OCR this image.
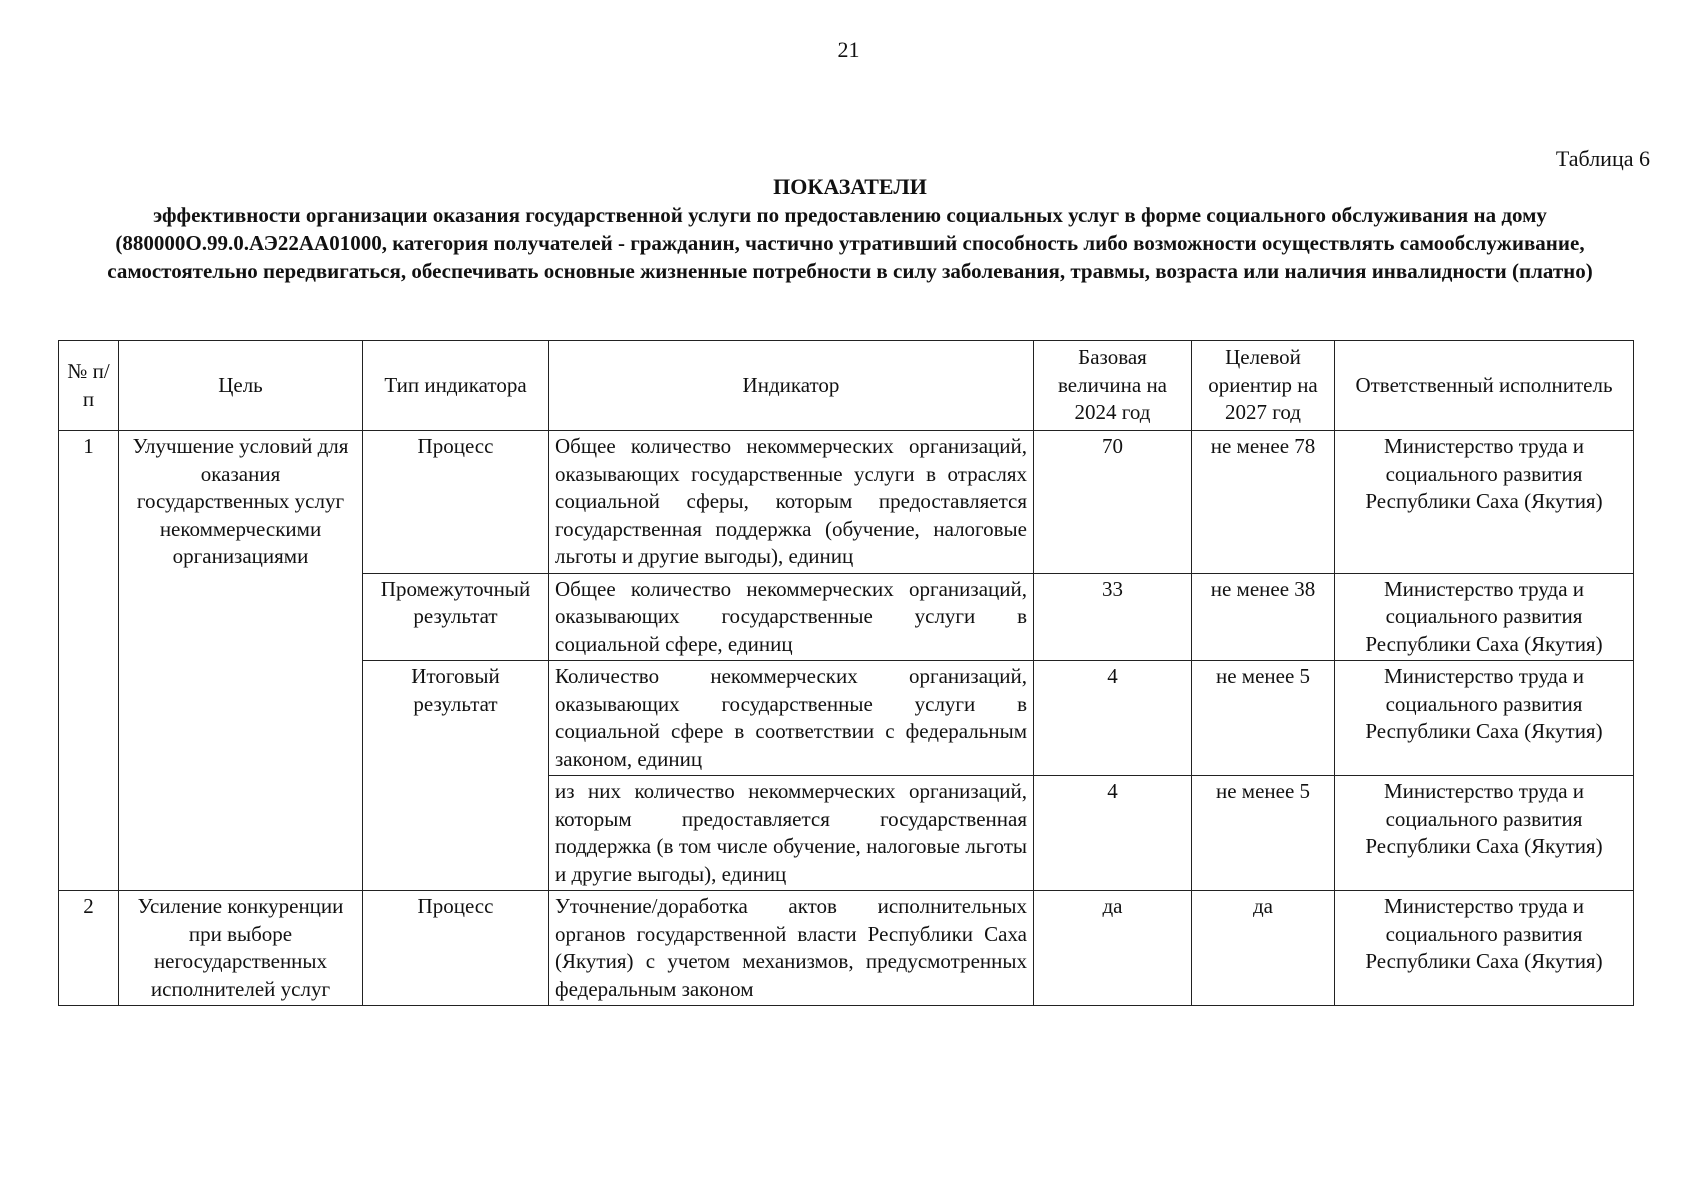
21
Таблица 6
ПОКАЗАТЕЛИ
эффективности организации оказания государственной услуги по предоставлению социальных услуг в форме социального обслуживания на дому (880000О.99.0.АЭ22АА01000, категория получателей - гражданин, частично утративший способность либо возможности осуществлять самообслуживание, самостоятельно передвигаться, обеспечивать основные жизненные потребности в силу заболевания, травмы, возраста или наличия инвалидности (платно)
№ п/п	Цель	Тип индикатора	Индикатор	Базовая величина на 2024 год	Целевой ориентир на 2027 год	Ответственный исполнитель
1	Улучшение условий для оказания государственных услуг некоммерческими организациями	Процесс	Общее количество некоммерческих организаций, оказывающих государственные услуги в отраслях социальной сферы, которым предоставляется государственная поддержка (обучение, налоговые льготы и другие выгоды), единиц	70	не менее 78	Министерство труда и социального развития Республики Саха (Якутия)
		Промежуточный результат	Общее количество некоммерческих организаций, оказывающих государственные услуги в социальной сфере, единиц	33	не менее 38	Министерство труда и социального развития Республики Саха (Якутия)
		Итоговый результат	Количество некоммерческих организаций, оказывающих государственные услуги в социальной сфере в соответствии с федеральным законом, единиц	4	не менее 5	Министерство труда и социального развития Республики Саха (Якутия)
			из них количество некоммерческих организаций, которым предоставляется государственная поддержка (в том числе обучение, налоговые льготы и другие выгоды), единиц	4	не менее 5	Министерство труда и социального развития Республики Саха (Якутия)
2	Усиление конкуренции при выборе негосударственных исполнителей услуг	Процесс	Уточнение/доработка актов исполнительных органов государственной власти Республики Саха (Якутия) с учетом механизмов, предусмотренных федеральным законом	да	да	Министерство труда и социального развития Республики Саха (Якутия)
